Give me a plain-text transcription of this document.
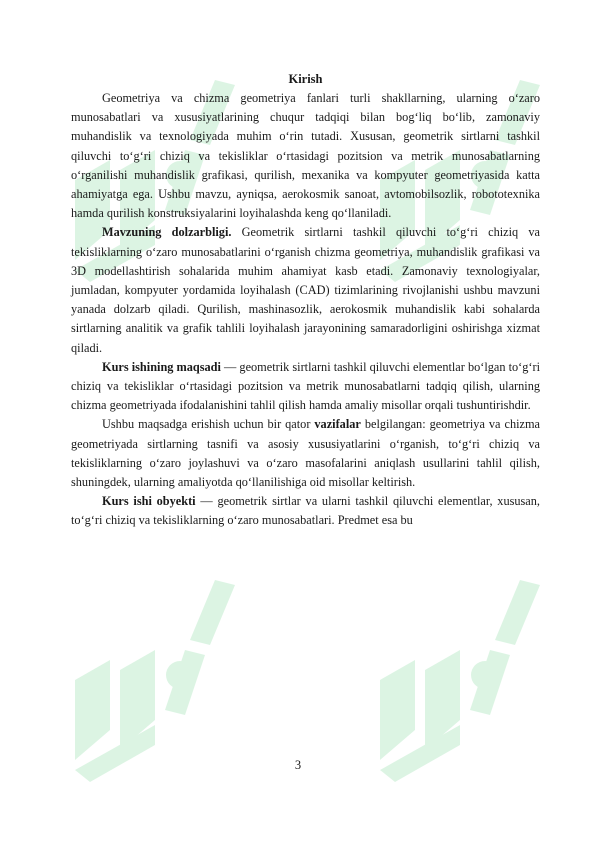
Kirish

Geometriya va chizma geometriya fanlari turli shakllarning, ularning o‘zaro munosabatlari va xususiyatlarining chuqur tadqiqi bilan bog‘liq bo‘lib, zamonaviy muhandislik va texnologiyada muhim o‘rin tutadi. Xususan, geometrik sirtlarni tashkil qiluvchi to‘g‘ri chiziq va tekisliklar o‘rtasidagi pozitsion va metrik munosabatlarning o‘rganilishi muhandislik grafikasi, qurilish, mexanika va kompyuter geometriyasida katta ahamiyatga ega. Ushbu mavzu, ayniqsa, aerokosmik sanoat, avtomobilsozlik, robototexnika hamda qurilish konstruksiyalarini loyihalashda keng qo‘llaniladi.

Mavzuning dolzarbligi. Geometrik sirtlarni tashkil qiluvchi to‘g‘ri chiziq va tekisliklarning o‘zaro munosabatlarini o‘rganish chizma geometriya, muhandislik grafikasi va 3D modellashtirish sohalarida muhim ahamiyat kasb etadi. Zamonaviy texnologiyalar, jumladan, kompyuter yordamida loyihalash (CAD) tizimlarining rivojlanishi ushbu mavzuni yanada dolzarb qiladi. Qurilish, mashinasozlik, aerokosmik muhandislik kabi sohalarda sirtlarning analitik va grafik tahlili loyihalash jarayonining samaradorligini oshirishga xizmat qiladi.

Kurs ishining maqsadi — geometrik sirtlarni tashkil qiluvchi elementlar bo‘lgan to‘g‘ri chiziq va tekisliklar o‘rtasidagi pozitsion va metrik munosabatlarni tadqiq qilish, ularning chizma geometriyada ifodalanishini tahlil qilish hamda amaliy misollar orqali tushuntirishdir.

Ushbu maqsadga erishish uchun bir qator vazifalar belgilangan: geometriya va chizma geometriyada sirtlarning tasnifi va asosiy xususiyatlarini o‘rganish, to‘g‘ri chiziq va tekisliklarning o‘zaro joylashuvi va o‘zaro masofalarini aniqlash usullarini tahlil qilish, shuningdek, ularning amaliyotda qo‘llanilishiga oid misollar keltirish.

Kurs ishi obyekti — geometrik sirtlar va ularni tashkil qiluvchi elementlar, xususan, to‘g‘ri chiziq va tekisliklarning o‘zaro munosabatlari. Predmet esa bu

3
